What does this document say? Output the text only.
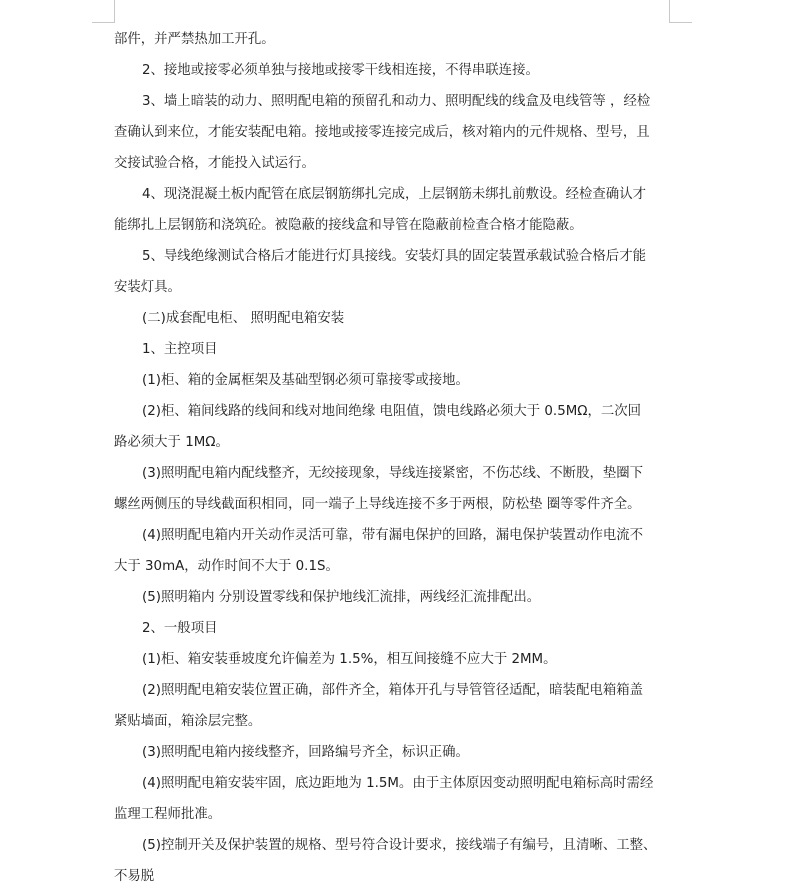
部件，并严禁热加工开孔。
2、接地或接零必须单独与接地或接零干线相连接，不得串联连接。
3、墙上暗装的动力、照明配电箱的预留孔和动力、照明配线的线盒及电线管等 ，经检
查确认到来位，才能安装配电箱。接地或接零连接完成后，核对箱内的元件规格、型号，且
交接试验合格，才能投入试运行。
4、现浇混凝土板内配管在底层钢筋绑扎完成，上层钢筋未绑扎前敷设。经检查确认才
能绑扎上层钢筋和浇筑砼。被隐蔽的接线盒和导管在隐蔽前检查合格才能隐蔽。
5、导线绝缘测试合格后才能进行灯具接线。安装灯具的固定装置承载试验合格后才能
安装灯具。
(二)成套配电柜、 照明配电箱安装
1、主控项目
(1)柜、箱的金属框架及基础型钢必须可靠接零或接地。
(2)柜、箱间线路的线间和线对地间绝缘 电阻值，馈电线路必须大于 0.5MΩ，二次回
路必须大于 1MΩ。
(3)照明配电箱内配线整齐，无绞接现象，导线连接紧密，不伤芯线、不断股，垫圈下
螺丝两侧压的导线截面积相同，同一端子上导线连接不多于两根，防松垫 圈等零件齐全。
(4)照明配电箱内开关动作灵活可靠，带有漏电保护的回路，漏电保护装置动作电流不
大于 30mA，动作时间不大于 0.1S。
(5)照明箱内 分别设置零线和保护地线汇流排，两线经汇流排配出。
2、一般项目
(1)柜、箱安装垂坡度允许偏差为 1.5%，相互间接缝不应大于 2MM。
(2)照明配电箱安装位置正确，部件齐全，箱体开孔与导管管径适配，暗装配电箱箱盖
紧贴墙面，箱涂层完整。
(3)照明配电箱内接线整齐，回路编号齐全，标识正确。
(4)照明配电箱安装牢固，底边距地为 1.5M。由于主体原因变动照明配电箱标高时需经
监理工程师批准。
(5)控制开关及保护装置的规格、型号符合设计要求，接线端子有编号，且清晰、工整、
不易脱
